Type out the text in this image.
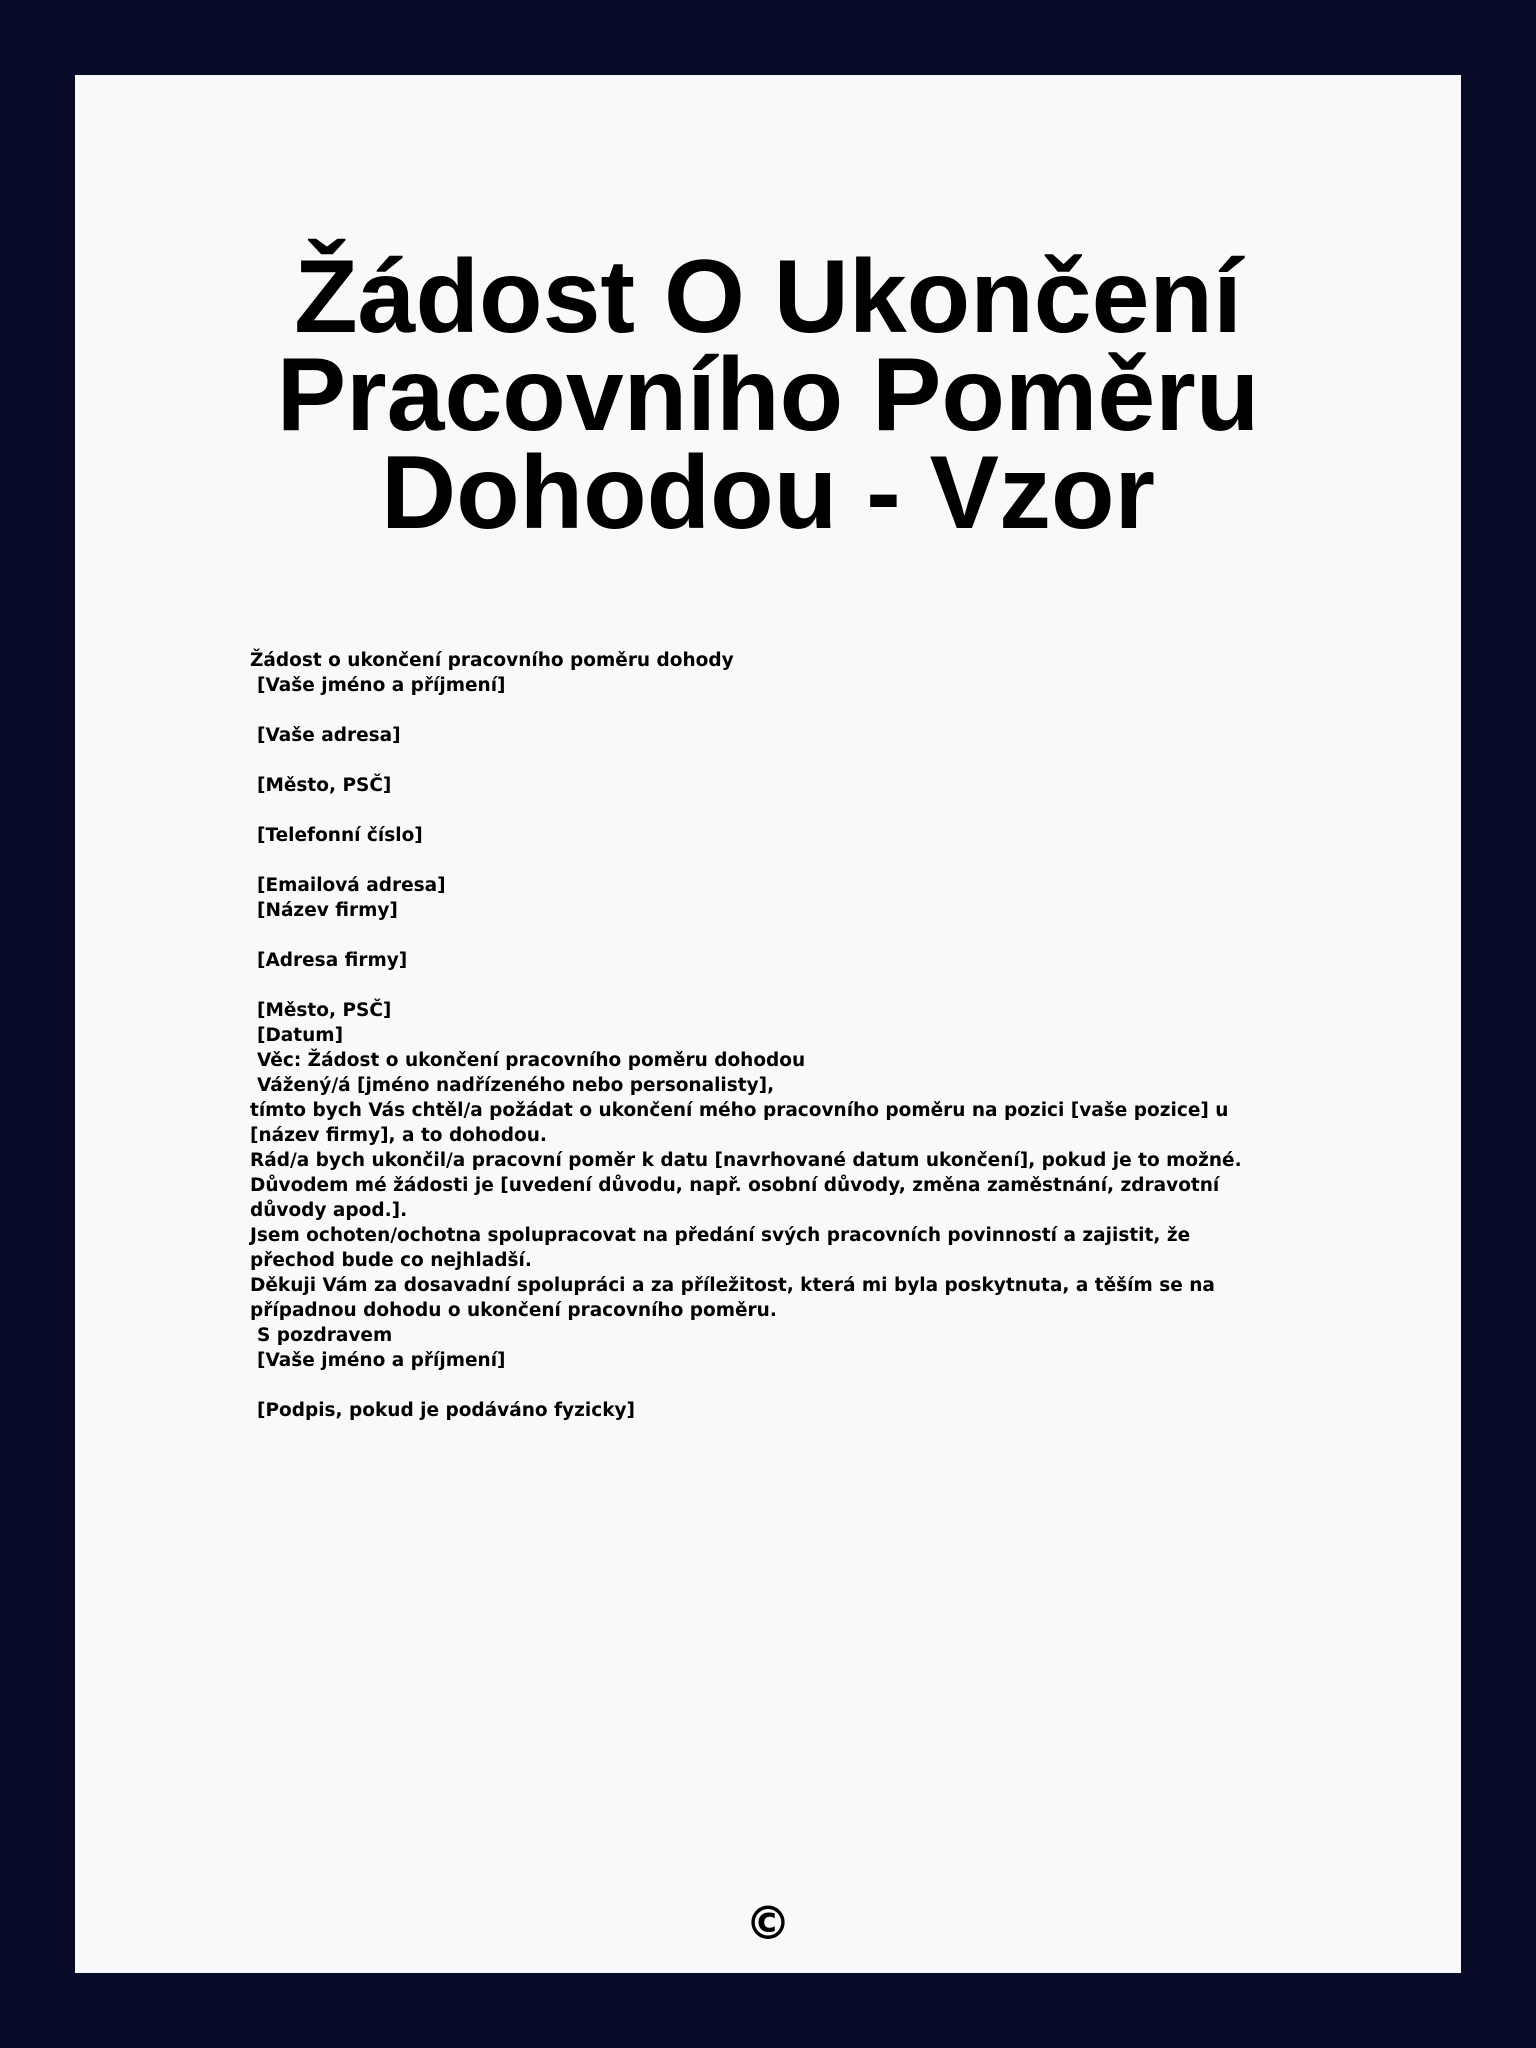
Žádost O Ukončení
Pracovního Poměru
Dohodou - Vzor
Žádost o ukončení pracovního poměru dohody
[Vaše jméno a příjmení]
[Vaše adresa]
[Město, PSČ]
[Telefonní číslo]
[Emailová adresa]
[Název firmy]
[Adresa firmy]
[Město, PSČ]
[Datum]
Věc: Žádost o ukončení pracovního poměru dohodou
Vážený/á [jméno nadřízeného nebo personalisty],
tímto bych Vás chtěl/a požádat o ukončení mého pracovního poměru na pozici [vaše pozice] u [název firmy], a to dohodou.
Rád/a bych ukončil/a pracovní poměr k datu [navrhované datum ukončení], pokud je to možné. Důvodem mé žádosti je [uvedení důvodu, např. osobní důvody, změna zaměstnání, zdravotní důvody apod.].
Jsem ochoten/ochotna spolupracovat na předání svých pracovních povinností a zajistit, že přechod bude co nejhladší.
Děkuji Vám za dosavadní spolupráci a za příležitost, která mi byla poskytnuta, a těším se na případnou dohodu o ukončení pracovního poměru.
S pozdravem
[Vaše jméno a příjmení]
[Podpis, pokud je podáváno fyzicky]
©
